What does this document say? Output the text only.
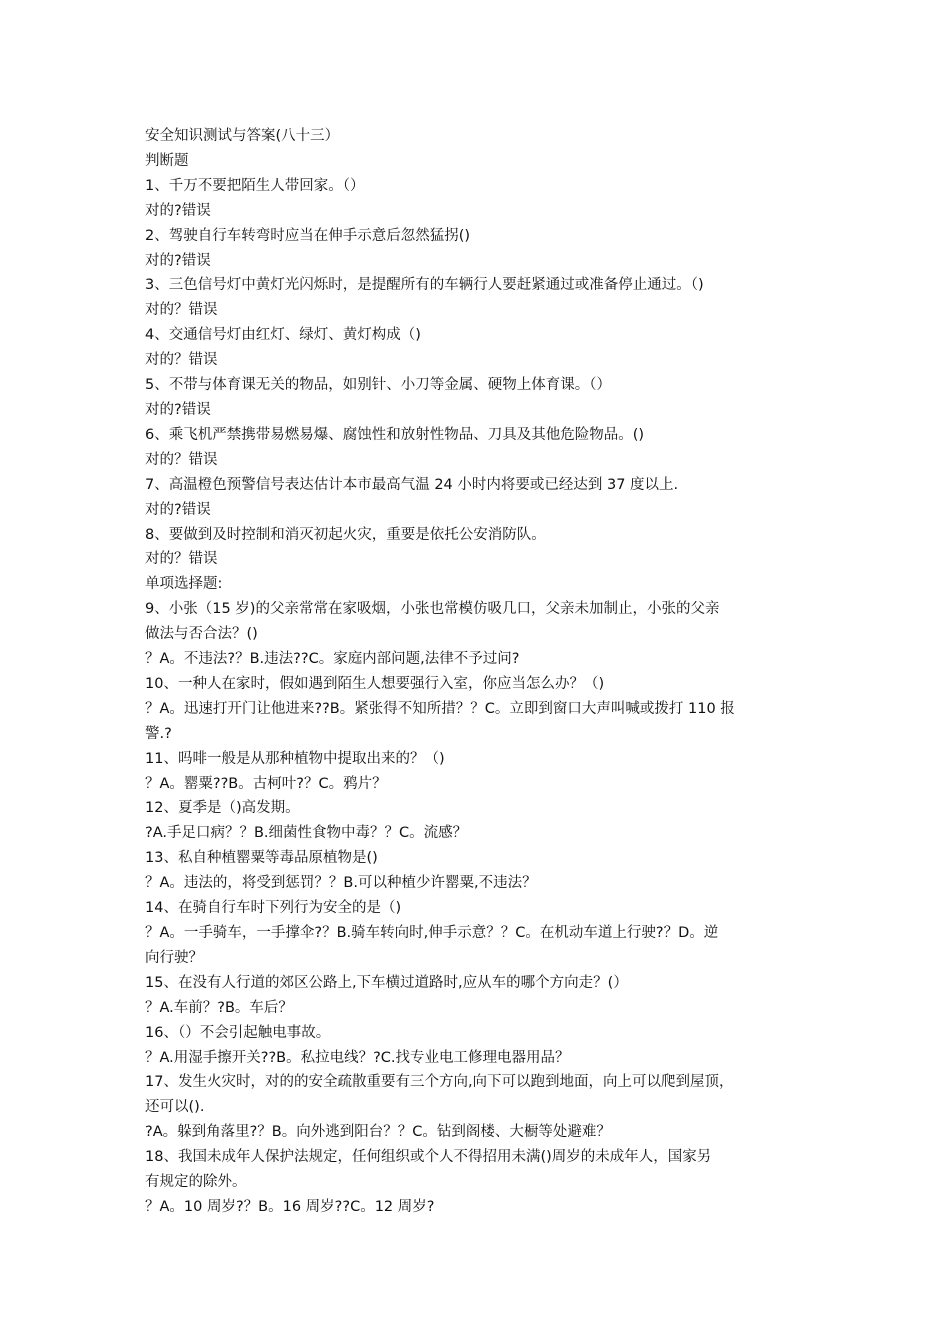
安全知识测试与答案(八十三）
判断题
1、千万不要把陌生人带回家。（）
对的?错误
2、驾驶自行车转弯时应当在伸手示意后忽然猛拐()
对的?错误
3、三色信号灯中黄灯光闪烁时，是提醒所有的车辆行人要赶紧通过或准备停止通过。（)
对的？错误
4、交通信号灯由红灯、绿灯、黄灯构成（)
对的？错误
5、不带与体育课无关的物品，如别针、小刀等金属、硬物上体育课。（）
对的?错误
6、乘飞机严禁携带易燃易爆、腐蚀性和放射性物品、刀具及其他危险物品。()
对的？错误
7、高温橙色预警信号表达估计本市最高气温 24 小时内将要或已经达到 37 度以上.
对的?错误
8、要做到及时控制和消灭初起火灾，重要是依托公安消防队。
对的？错误
单项选择题:
9、小张（15 岁)的父亲常常在家吸烟，小张也常模仿吸几口，父亲未加制止，小张的父亲
做法与否合法？()
？A。不违法?？B.违法??C。家庭内部问题,法律不予过问?
10、一种人在家时，假如遇到陌生人想要强行入室，你应当怎么办？（)
？A。迅速打开门让他进来??B。紧张得不知所措？？C。立即到窗口大声叫喊或拨打 110 报
警.?
11、吗啡一般是从那种植物中提取出来的？（)
？A。罂粟??B。古柯叶?？C。鸦片？
12、夏季是（)高发期。
?A.手足口病？？B.细菌性食物中毒？？C。流感？
13、私自种植罂粟等毒品原植物是()
？A。违法的，将受到惩罚？？B.可以种植少许罂粟,不违法？
14、在骑自行车时下列行为安全的是（)
？A。一手骑车，一手撑伞?？B.骑车转向时,伸手示意？？C。在机动车道上行驶?？D。逆
向行驶？
15、在没有人行道的郊区公路上,下车横过道路时,应从车的哪个方向走？(）
？A.车前？?B。车后？
16、（）不会引起触电事故。
？A.用湿手擦开关??B。私拉电线？?C.找专业电工修理电器用品？
17、发生火灾时，对的的安全疏散重要有三个方向,向下可以跑到地面，向上可以爬到屋顶，
还可以().
?A。躲到角落里?？B。向外逃到阳台？？C。钻到阁楼、大橱等处避难？
18、我国未成年人保护法规定，任何组织或个人不得招用未满()周岁的未成年人，国家另
有规定的除外。
？A。10 周岁?？B。16 周岁??C。12 周岁?
